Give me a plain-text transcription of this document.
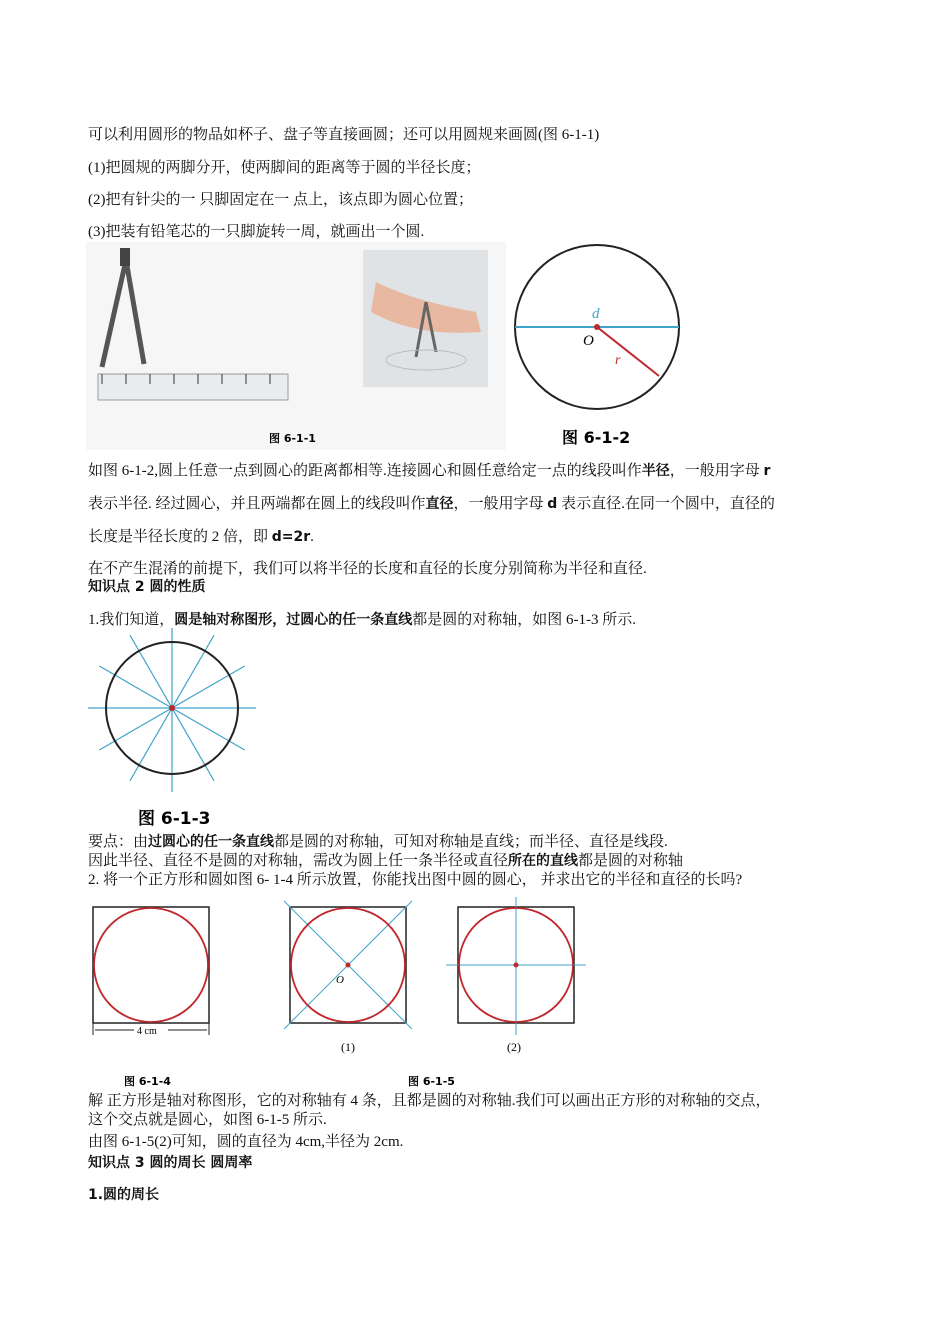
可以利用圆形的物品如杯子、盘子等直接画圆；还可以用圆规来画圆(图 6-1-1)
(1)把圆规的两脚分开，使两脚间的距离等于圆的半径长度；
(2)把有针尖的一 只脚固定在一 点上，该点即为圆心位置；
(3)把装有铅笔芯的一只脚旋转一周，就画出一个圆.
图 6-1-1
d
O
r
图 6-1-2
如图 6-1-2,圆上任意一点到圆心的距离都相等.连接圆心和圆任意给定一点的线段叫作半径，一般用字母 r
表示半径. 经过圆心，并且两端都在圆上的线段叫作直径，一般用字母 d 表示直径.在同一个圆中，直径的
长度是半径长度的 2 倍，即 d=2r.
在不产生混淆的前提下，我们可以将半径的长度和直径的长度分别简称为半径和直径.
知识点 2 圆的性质
1.我们知道，圆是轴对称图形，过圆心的任一条直线都是圆的对称轴，如图 6-1-3 所示.
图 6-1-3
要点：由过圆心的任一条直线都是圆的对称轴，可知对称轴是直线；而半径、直径是线段.
因此半径、直径不是圆的对称轴，需改为圆上任一条半径或直径所在的直线都是圆的对称轴
2. 将一个正方形和圆如图 6- 1-4 所示放置，你能找出图中圆的圆心， 并求出它的半径和直径的长吗?
4 cm
O
(1)	(2)
图 6-1-4	图 6-1-5
解 正方形是轴对称图形，它的对称轴有 4 条，且都是圆的对称轴.我们可以画出正方形的对称轴的交点，
这个交点就是圆心，如图 6-1-5 所示.
由图 6-1-5(2)可知，圆的直径为 4cm,半径为 2cm.
知识点 3 圆的周长 圆周率
1.圆的周长
